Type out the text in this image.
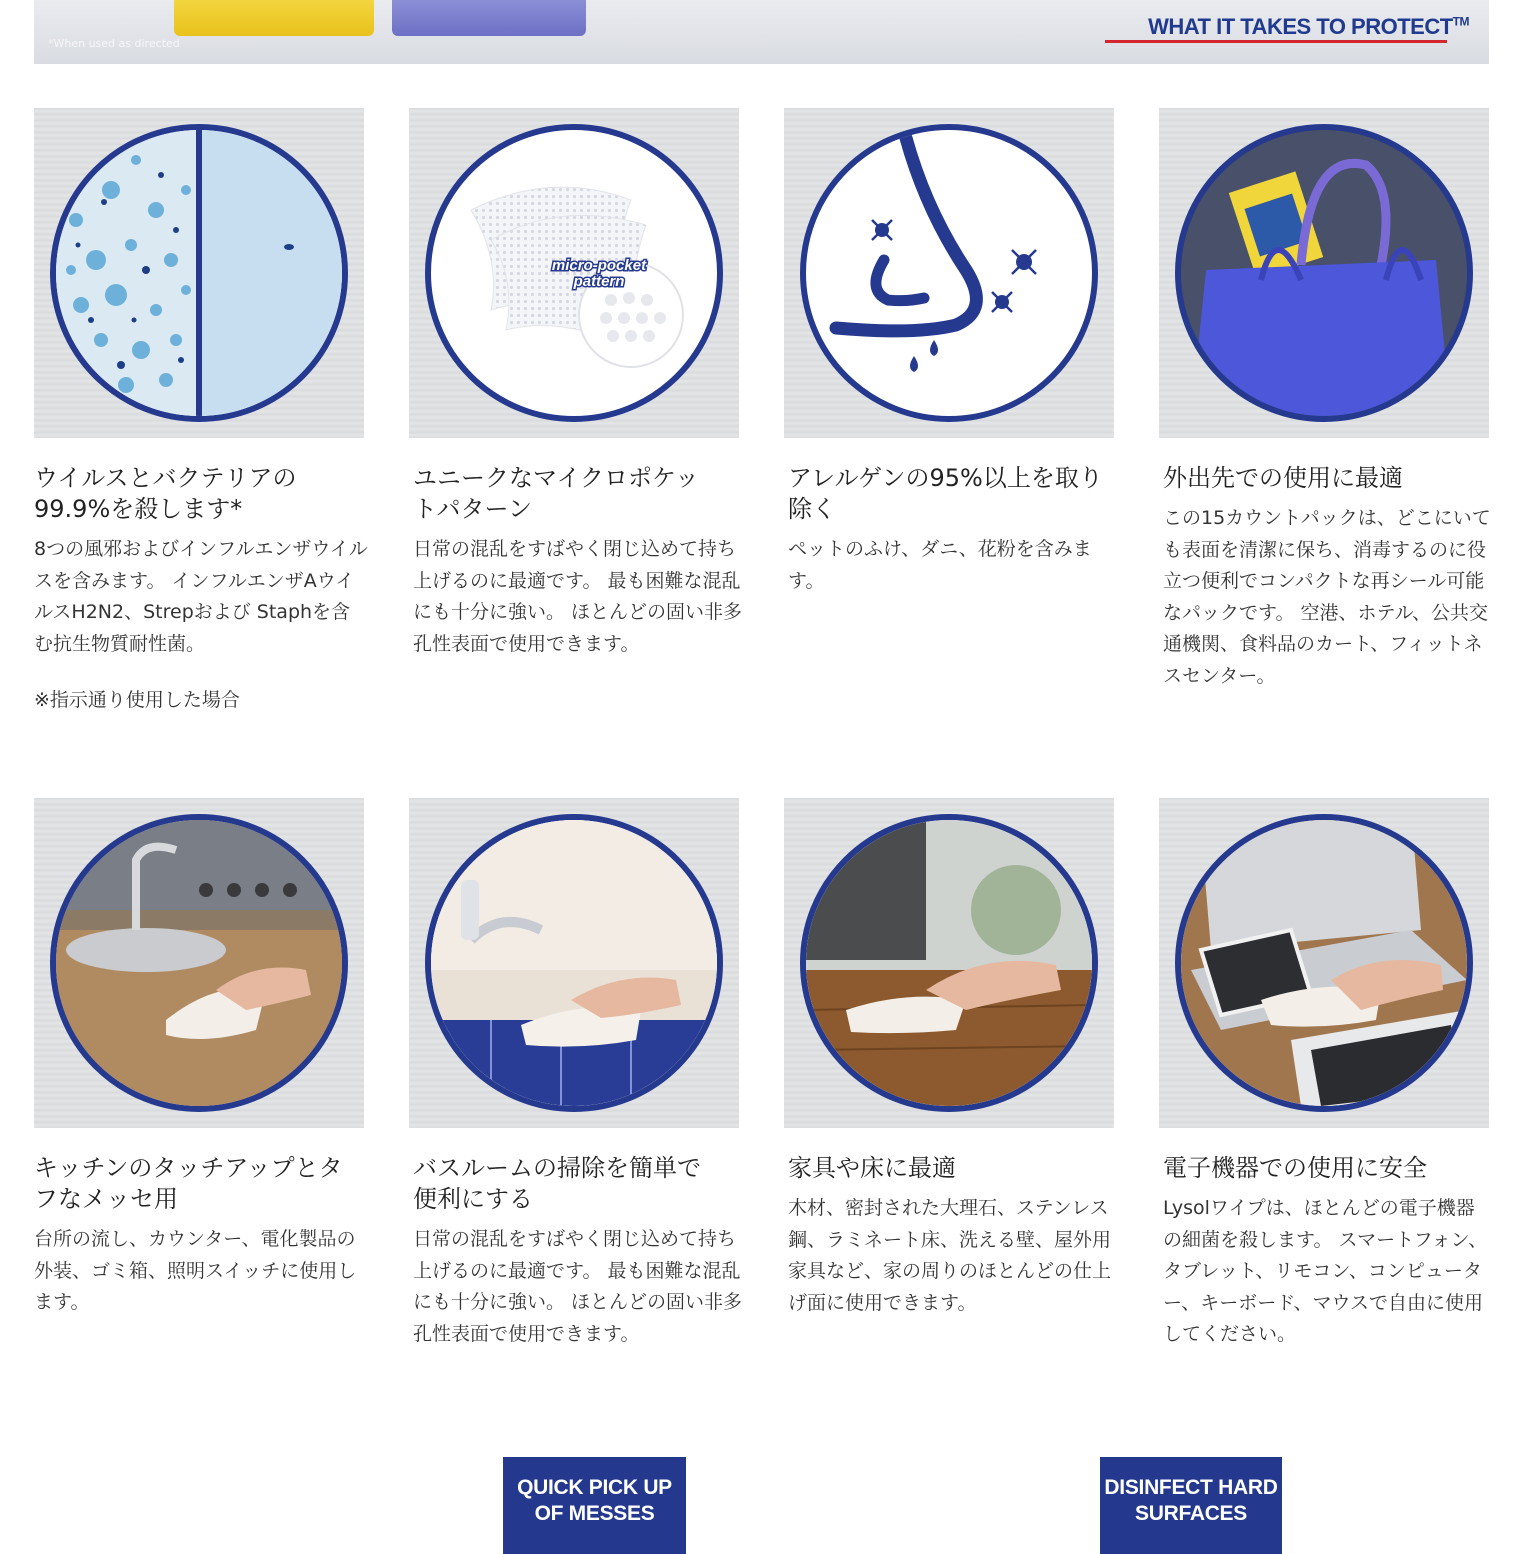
*When used as directed
WHAT IT TAKES TO PROTECT™
micro-pocket
pattern
ウイルスとバクテリアの99.9%を殺します*
8つの風邪およびインフルエンザウイルスを含みます。 インフルエンザAウイルスH2N2、Strepおよび Staphを含む抗生物質耐性菌。
※指示通り使用した場合
ユニークなマイクロポケットパターン
日常の混乱をすばやく閉じ込めて持ち上げるのに最適です。 最も困難な混乱にも十分に強い。 ほとんどの固い非多孔性表面で使用できます。
アレルゲンの95%以上を取り除く
ペットのふけ、ダニ、花粉を含みます。
外出先での使用に最適
この15カウントパックは、どこにいても表面を清潔に保ち、消毒するのに役立つ便利でコンパクトな再シール可能なパックです。 空港、ホテル、公共交通機関、食料品のカート、フィットネスセンター。
キッチンのタッチアップとタフなメッセ用
台所の流し、カウンター、電化製品の外装、ゴミ箱、照明スイッチに使用します。
バスルームの掃除を簡単で便利にする
日常の混乱をすばやく閉じ込めて持ち上げるのに最適です。 最も困難な混乱にも十分に強い。 ほとんどの固い非多孔性表面で使用できます。
家具や床に最適
木材、密封された大理石、ステンレス鋼、ラミネート床、洗える壁、屋外用家具など、家の周りのほとんどの仕上げ面に使用できます。
電子機器での使用に安全
Lysolワイプは、ほとんどの電子機器の細菌を殺します。 スマートフォン、タブレット、リモコン、コンピューター、キーボード、マウスで自由に使用してください。
QUICK PICK UP
OF MESSES
DISINFECT HARD
SURFACES
